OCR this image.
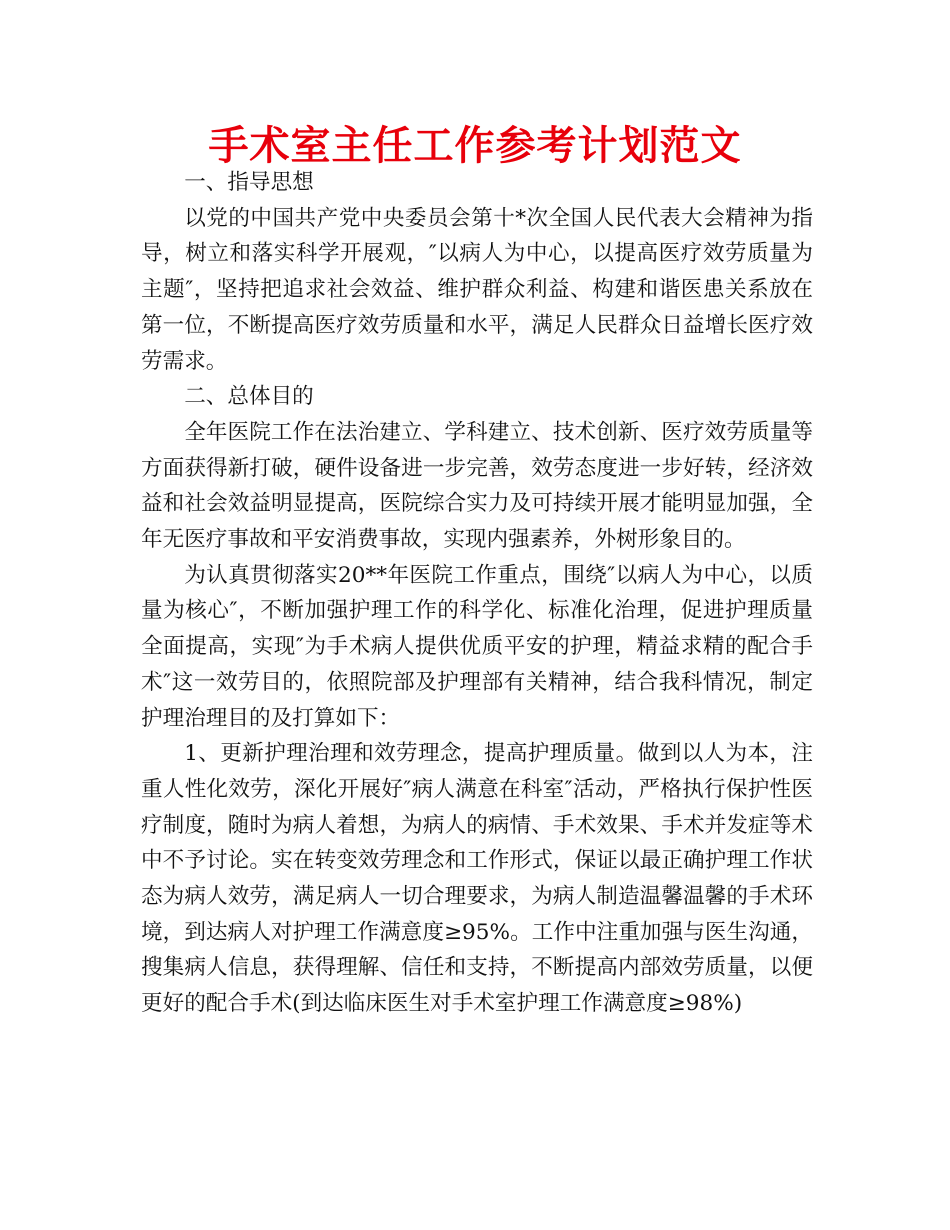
手术室主任工作参考计划范文

一、指导思想

以党的中国共产党中央委员会第十*次全国人民代表大会精神为指导，树立和落实科学开展观，″以病人为中心，以提高医疗效劳质量为主题″，坚持把追求社会效益、维护群众利益、构建和谐医患关系放在第一位，不断提高医疗效劳质量和水平，满足人民群众日益增长医疗效劳需求。

二、总体目的

全年医院工作在法治建立、学科建立、技术创新、医疗效劳质量等方面获得新打破，硬件设备进一步完善，效劳态度进一步好转，经济效益和社会效益明显提高，医院综合实力及可持续开展才能明显加强，全年无医疗事故和平安消费事故，实现内强素养，外树形象目的。

为认真贯彻落实20**年医院工作重点，围绕″以病人为中心，以质量为核心″，不断加强护理工作的科学化、标准化治理，促进护理质量全面提高，实现″为手术病人提供优质平安的护理，精益求精的配合手术″这一效劳目的，依照院部及护理部有关精神，结合我科情况，制定护理治理目的及打算如下：

1、更新护理治理和效劳理念，提高护理质量。做到以人为本，注重人性化效劳，深化开展好″病人满意在科室″活动，严格执行保护性医疗制度，随时为病人着想，为病人的病情、手术效果、手术并发症等术中不予讨论。实在转变效劳理念和工作形式，保证以最正确护理工作状态为病人效劳，满足病人一切合理要求，为病人制造温馨温馨的手术环境，到达病人对护理工作满意度≥95%。工作中注重加强与医生沟通，搜集病人信息，获得理解、信任和支持，不断提高内部效劳质量，以便更好的配合手术(到达临床医生对手术室护理工作满意度≥98%)
